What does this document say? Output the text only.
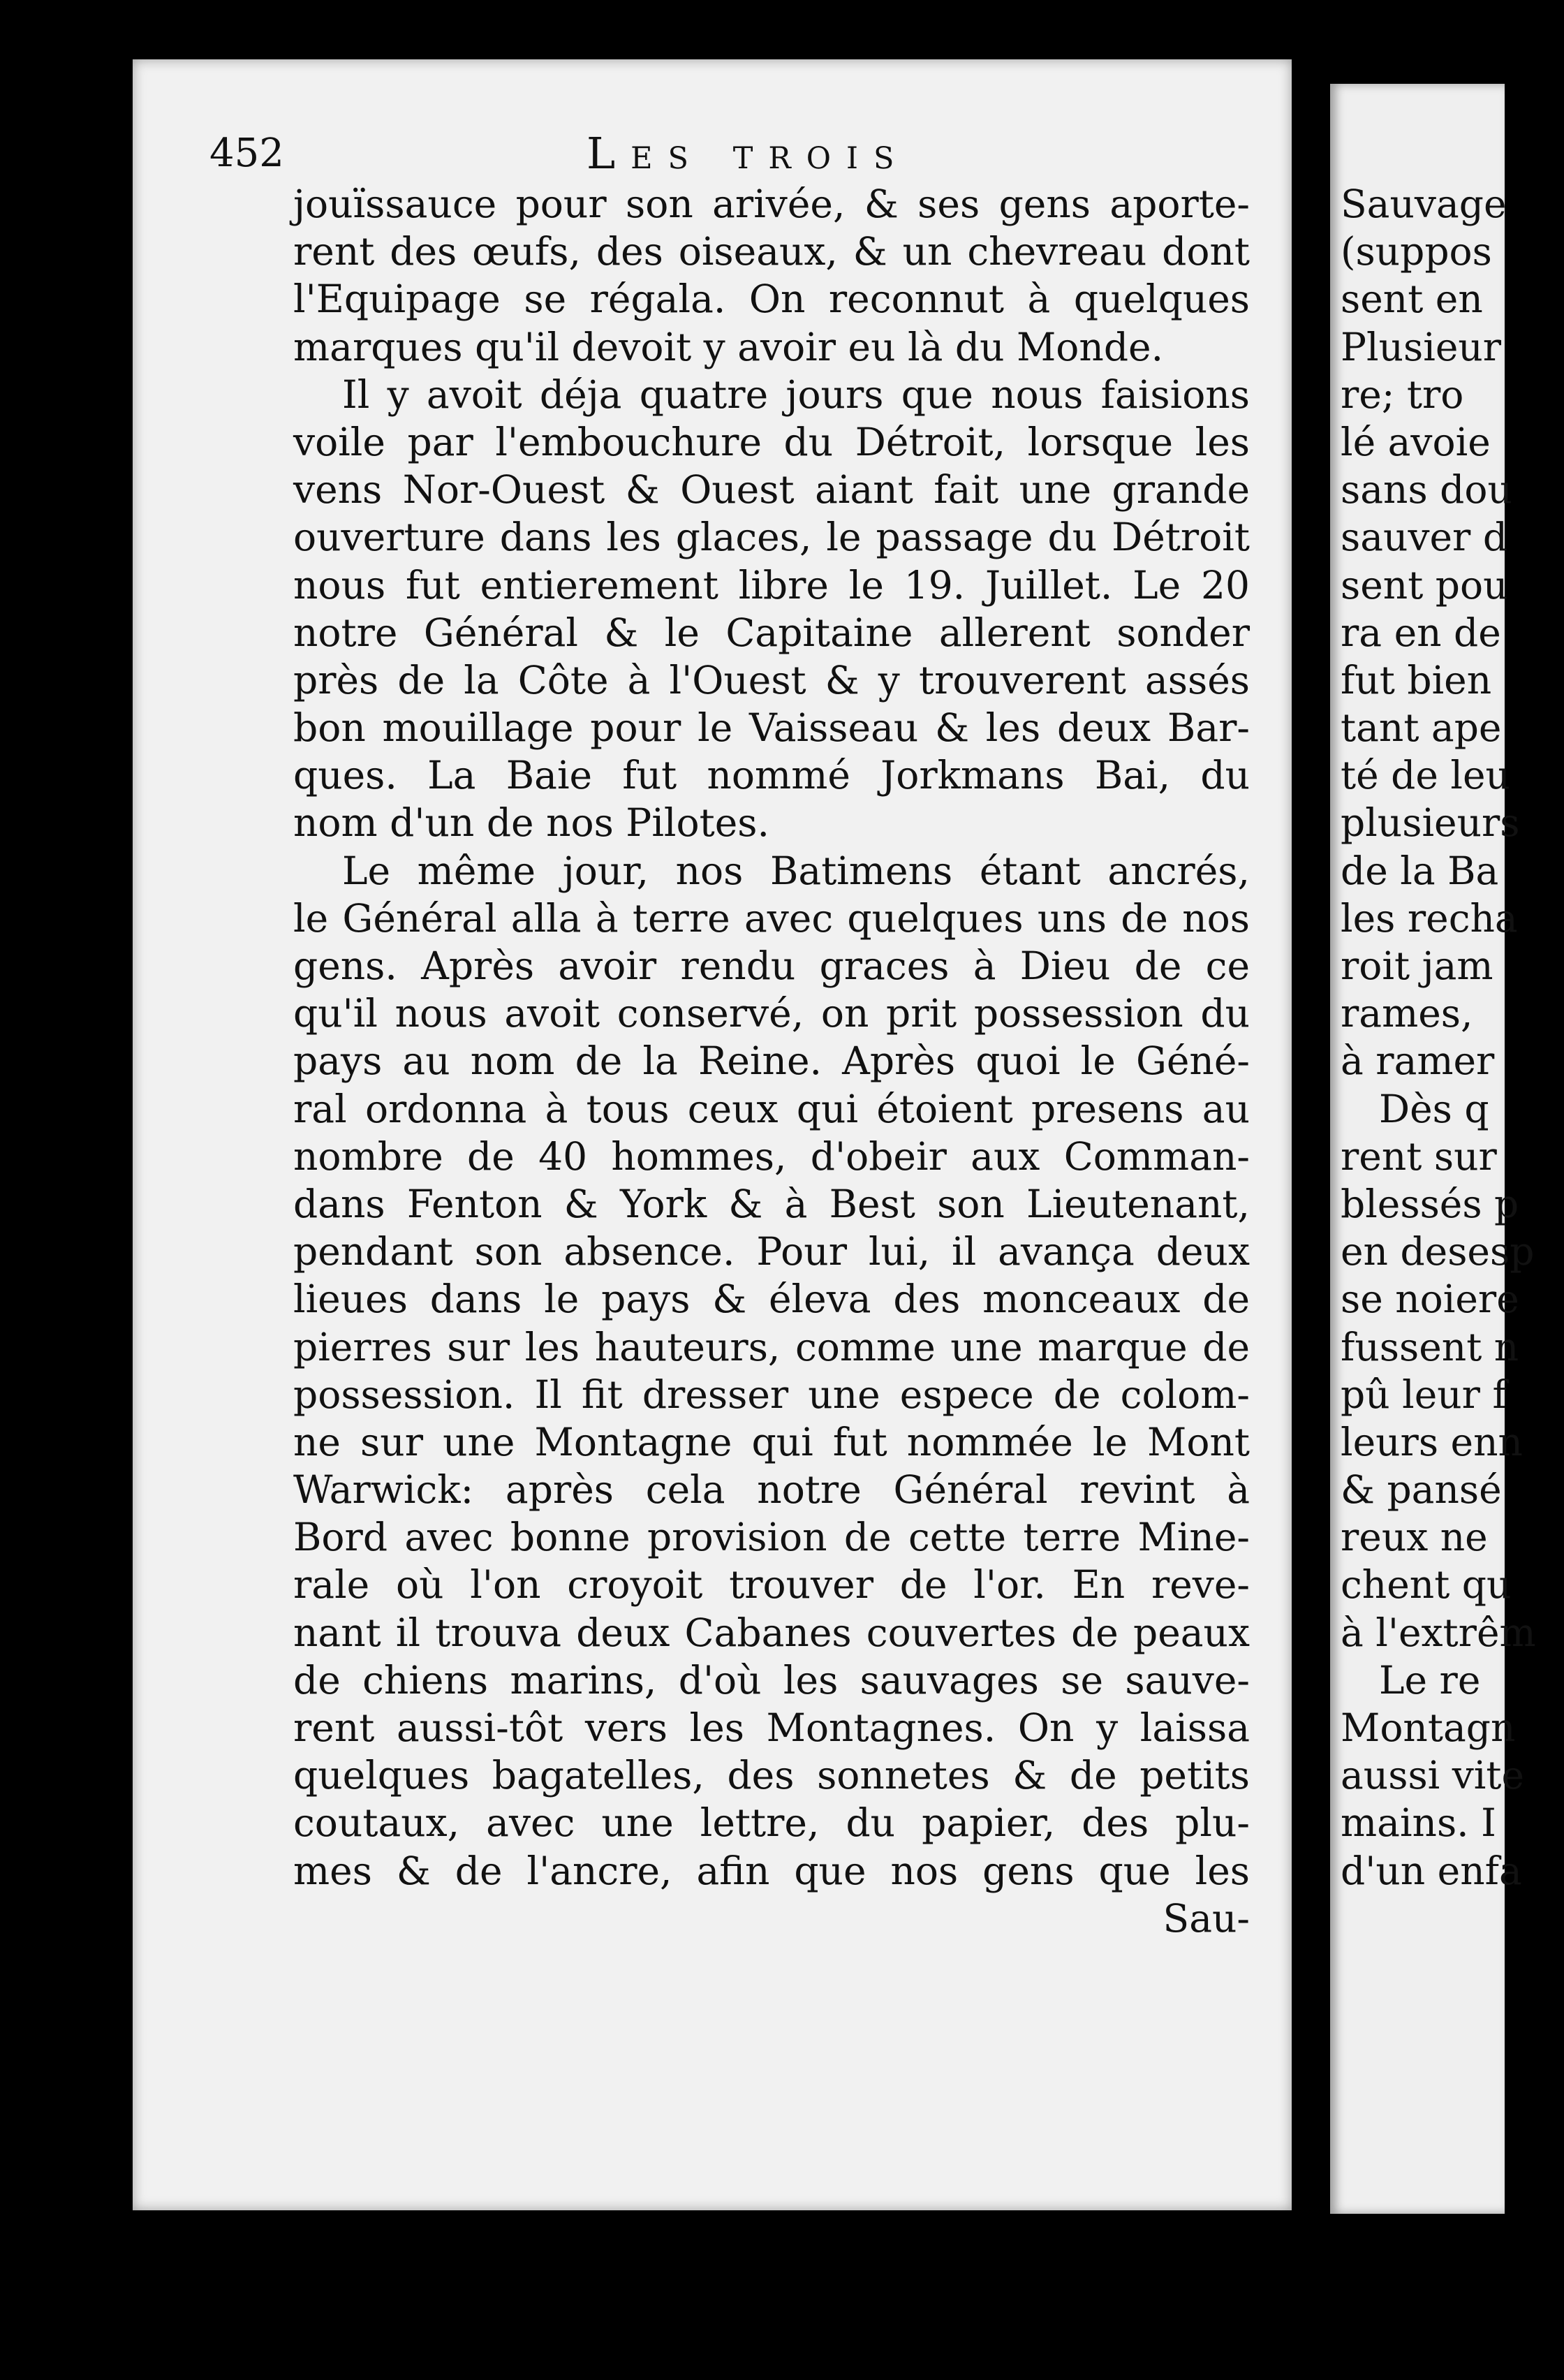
452	Les trois
jouïssauce pour son arivée, & ses gens aporte-
rent des œufs, des oiseaux, & un chevreau dont
l'Equipage se régala. On reconnut à quelques
marques qu'il devoit y avoir eu là du Monde.
Il y avoit déja quatre jours que nous faisions
voile par l'embouchure du Détroit, lorsque les
vens Nor-Ouest & Ouest aiant fait une grande
ouverture dans les glaces, le passage du Détroit
nous fut entierement libre le 19. Juillet. Le 20
notre Général & le Capitaine allerent sonder
près de la Côte à l'Ouest & y trouverent assés
bon mouillage pour le Vaisseau & les deux Bar-
ques. La Baie fut nommé Jorkmans Bai, du
nom d'un de nos Pilotes.
Le même jour, nos Batimens étant ancrés,
le Général alla à terre avec quelques uns de nos
gens. Après avoir rendu graces à Dieu de ce
qu'il nous avoit conservé, on prit possession du
pays au nom de la Reine. Après quoi le Géné-
ral ordonna à tous ceux qui étoient presens au
nombre de 40 hommes, d'obeir aux Comman-
dans Fenton & York & à Best son Lieutenant,
pendant son absence. Pour lui, il avança deux
lieues dans le pays & éleva des monceaux de
pierres sur les hauteurs, comme une marque de
possession. Il fit dresser une espece de colom-
ne sur une Montagne qui fut nommée le Mont
Warwick: après cela notre Général revint à
Bord avec bonne provision de cette terre Mine-
rale où l'on croyoit trouver de l'or. En reve-
nant il trouva deux Cabanes couvertes de peaux
de chiens marins, d'où les sauvages se sauve-
rent aussi-tôt vers les Montagnes. On y laissa
quelques bagatelles, des sonnetes & de petits
coutaux, avec une lettre, du papier, des plu-
mes & de l'ancre, afin que nos gens que les
Sau-
Sauvage
(suppos
sent en
Plusieur
re; tro
lé avoie
sans dou
sauver d
sent pou
ra en de
fut bien
tant ape
té de leu
plusieurs
de la Ba
les recha
roit jam
rames,
à ramer
Dès q
rent sur
blessés p
en desesp
se noiere
fussent n
pû leur f
leurs enn
& pansé
reux ne
chent qu
à l'extrêm
Le re
Montagn
aussi vite
mains. I
d'un enfa
